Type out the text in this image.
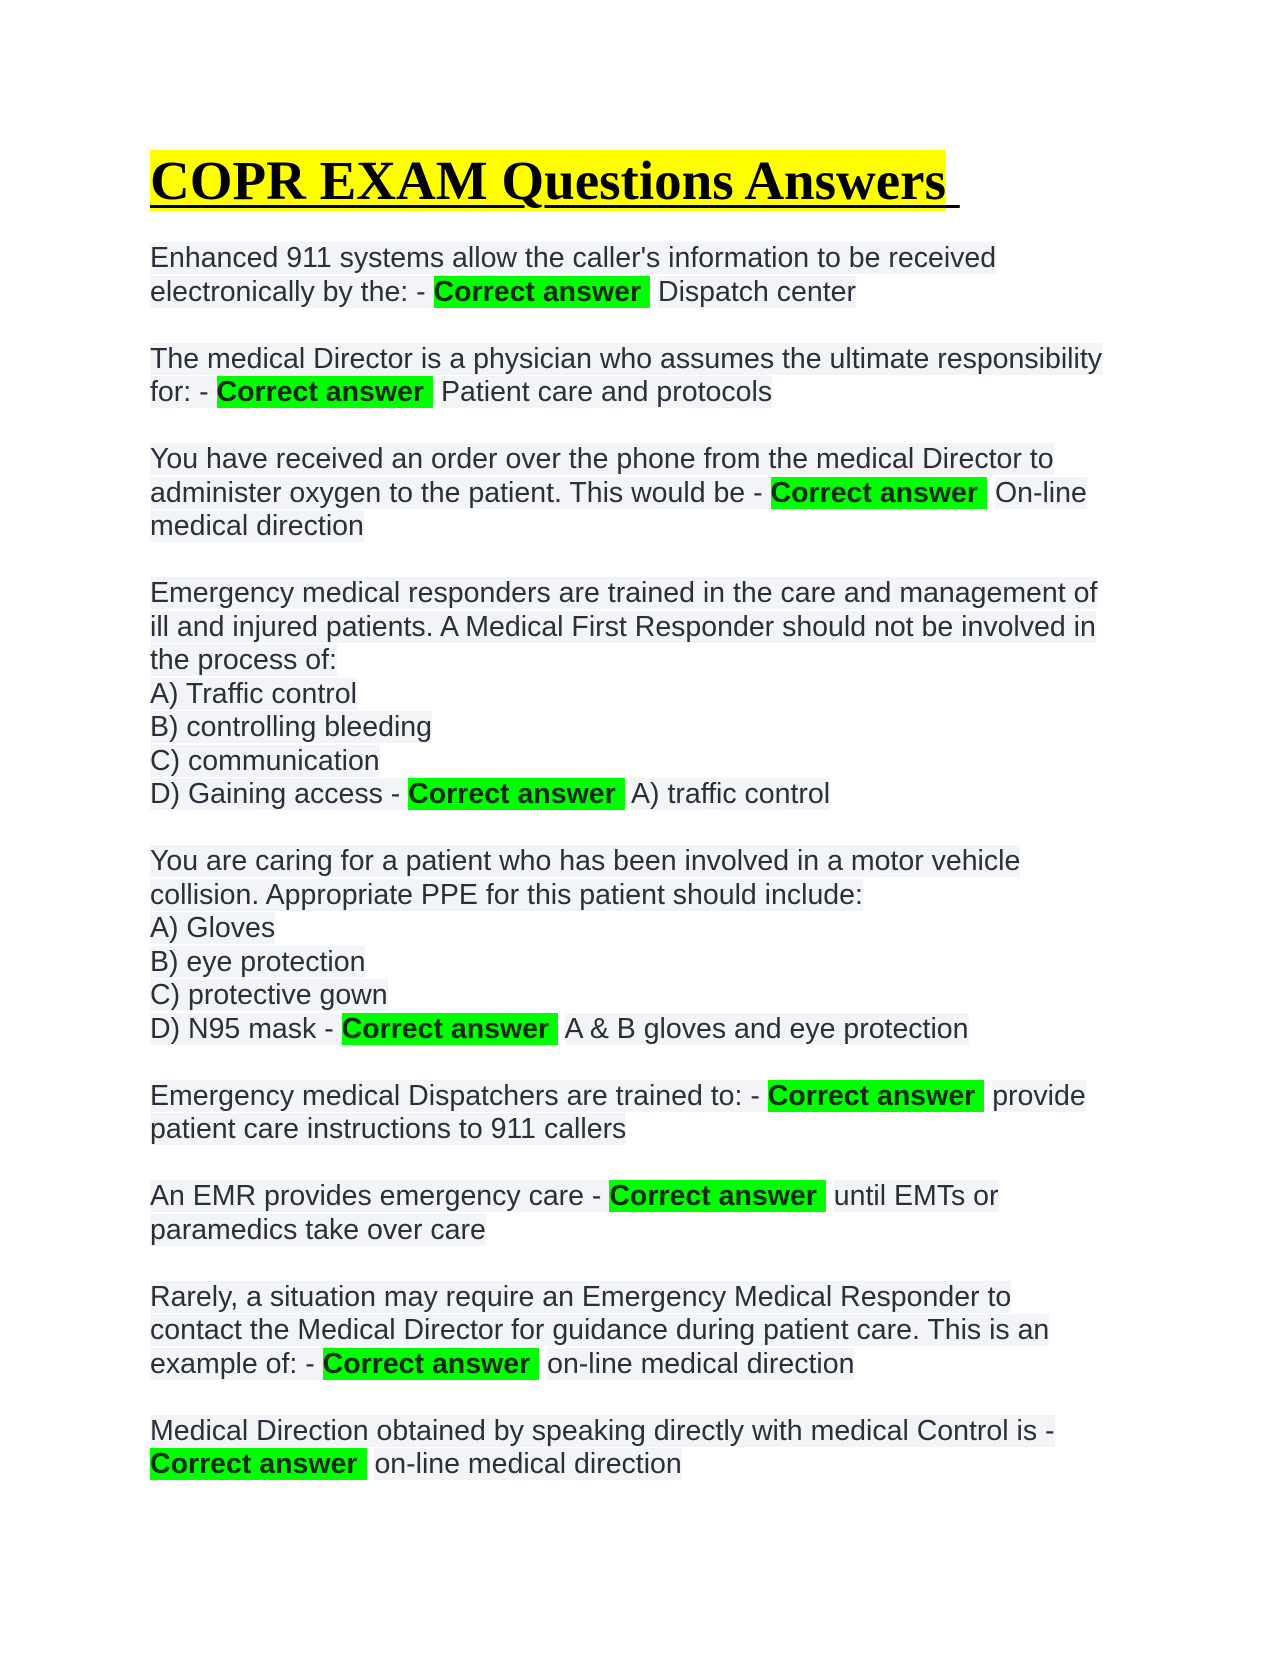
COPR EXAM Questions Answers
Enhanced 911 systems allow the caller's information to be received
electronically by the: - Correct answer Dispatch center
The medical Director is a physician who assumes the ultimate responsibility
for: - Correct answer Patient care and protocols
You have received an order over the phone from the medical Director to
administer oxygen to the patient. This would be - Correct answer On-line
medical direction
Emergency medical responders are trained in the care and management of
ill and injured patients. A Medical First Responder should not be involved in
the process of:
A) Traffic control
B) controlling bleeding
C) communication
D) Gaining access - Correct answer A) traffic control
You are caring for a patient who has been involved in a motor vehicle
collision. Appropriate PPE for this patient should include:
A) Gloves
B) eye protection
C) protective gown
D) N95 mask - Correct answer A & B gloves and eye protection
Emergency medical Dispatchers are trained to: - Correct answer provide
patient care instructions to 911 callers
An EMR provides emergency care - Correct answer until EMTs or
paramedics take over care
Rarely, a situation may require an Emergency Medical Responder to
contact the Medical Director for guidance during patient care. This is an
example of: - Correct answer on-line medical direction
Medical Direction obtained by speaking directly with medical Control is -
Correct answer on-line medical direction
